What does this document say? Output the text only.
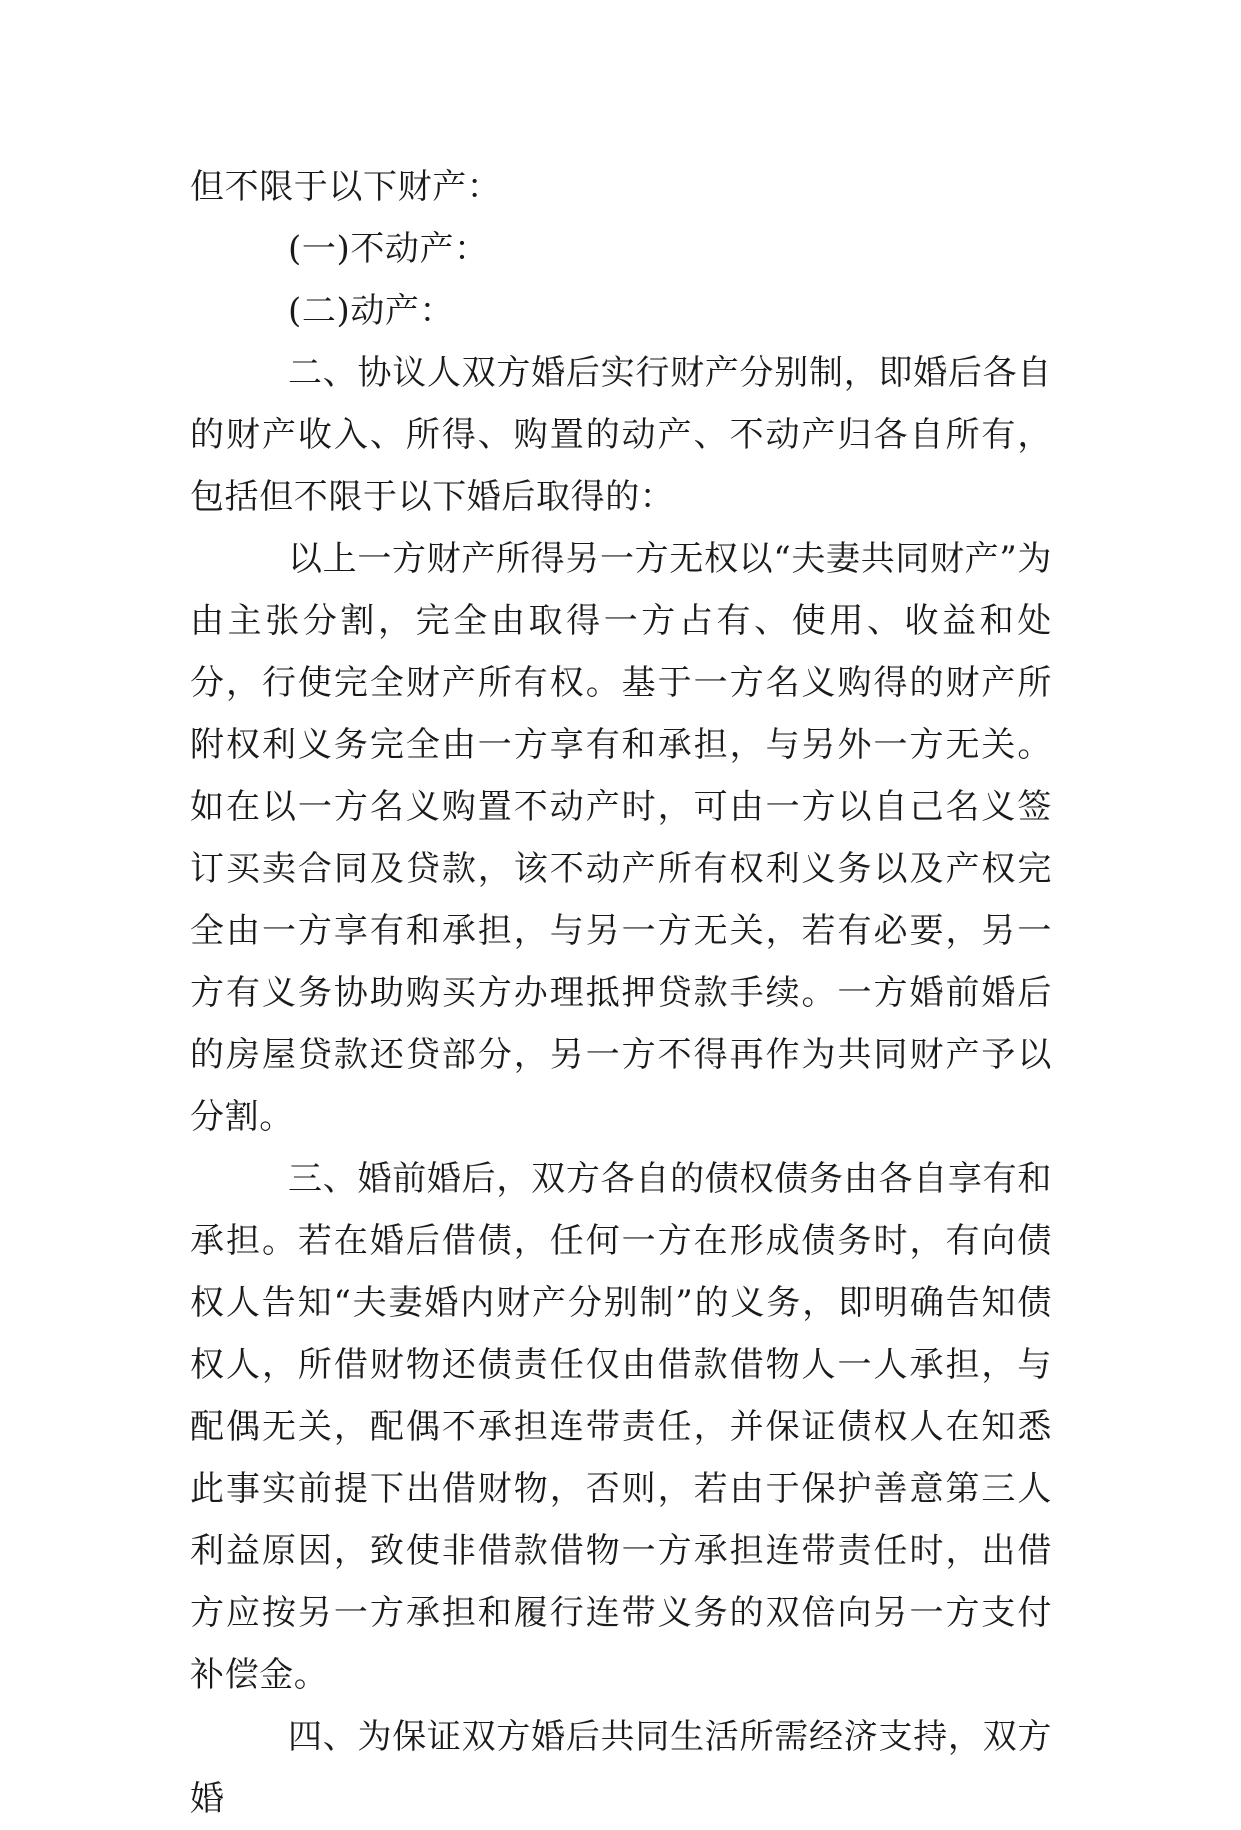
但不限于以下财产：

(一)不动产：

(二)动产：

二、协议人双方婚后实行财产分别制，即婚后各自的财产收入、所得、购置的动产、不动产归各自所有，包括但不限于以下婚后取得的：

以上一方财产所得另一方无权以“夫妻共同财产”为由主张分割，完全由取得一方占有、使用、收益和处分，行使完全财产所有权。基于一方名义购得的财产所附权利义务完全由一方享有和承担，与另外一方无关。如在以一方名义购置不动产时，可由一方以自己名义签订买卖合同及贷款，该不动产所有权利义务以及产权完全由一方享有和承担，与另一方无关，若有必要，另一方有义务协助购买方办理抵押贷款手续。一方婚前婚后的房屋贷款还贷部分，另一方不得再作为共同财产予以分割。

三、婚前婚后，双方各自的债权债务由各自享有和承担。若在婚后借债，任何一方在形成债务时，有向债权人告知“夫妻婚内财产分别制”的义务，即明确告知债权人，所借财物还债责任仅由借款借物人一人承担，与配偶无关，配偶不承担连带责任，并保证债权人在知悉此事实前提下出借财物，否则，若由于保护善意第三人利益原因，致使非借款借物一方承担连带责任时，出借方应按另一方承担和履行连带义务的双倍向另一方支付补偿金。

四、为保证双方婚后共同生活所需经济支持，双方婚
